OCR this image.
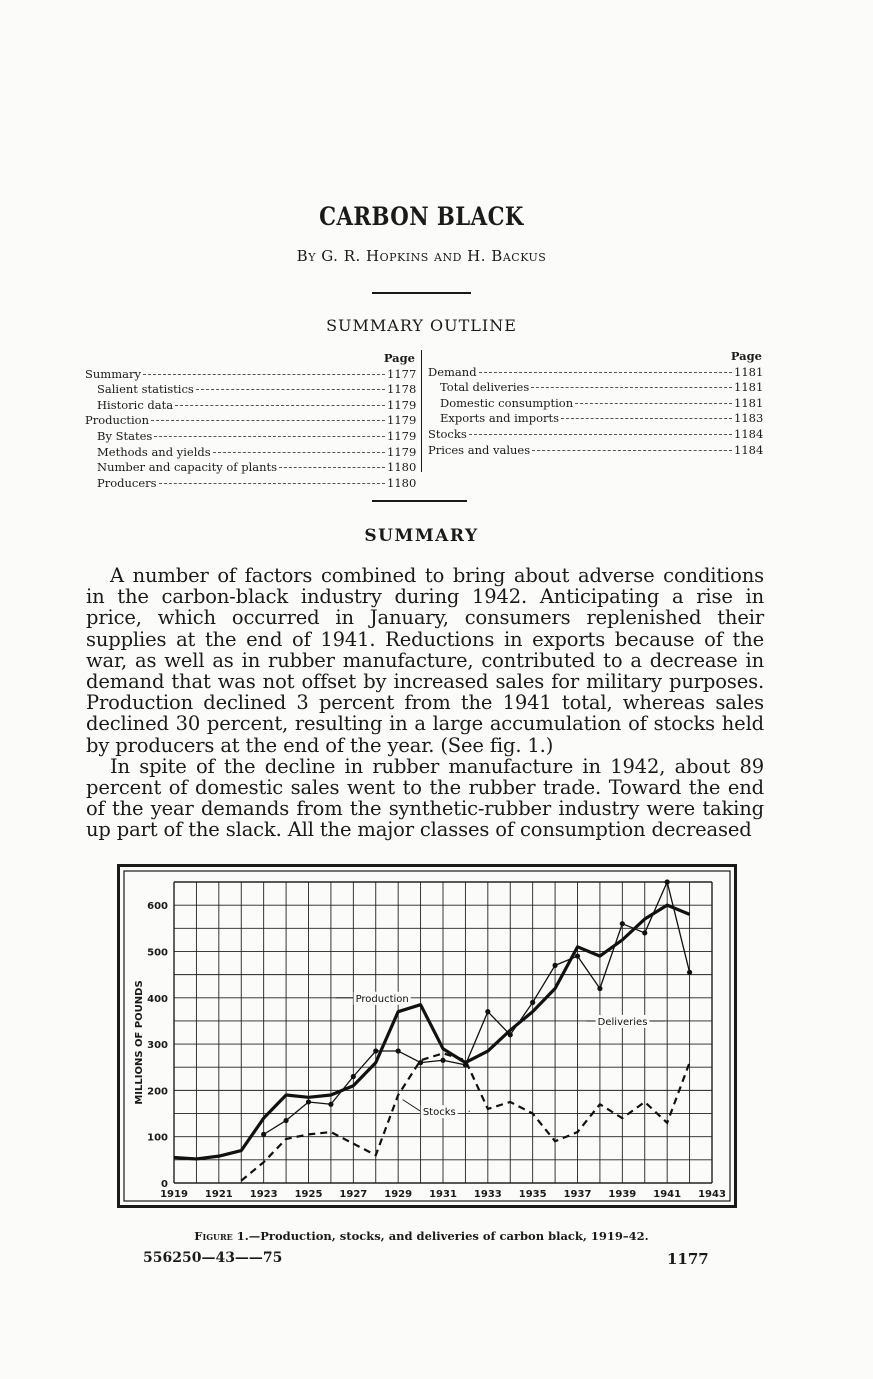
CARBON BLACK
By G. R. Hopkins and H. Backus
SUMMARY OUTLINE
Page
Summary	1177
Salient statistics	1178
Historic data	1179
Production	1179
By States	1179
Methods and yields	1179
Number and capacity of plants	1180
Producers	1180
Page
Demand	1181
Total deliveries	1181
Domestic consumption	1181
Exports and imports	1183
Stocks	1184
Prices and values	1184
SUMMARY

A number of factors combined to bring about adverse conditions in the carbon-black industry during 1942. Anticipating a rise in price, which occurred in January, consumers replenished their supplies at the end of 1941. Reductions in exports because of the war, as well as in rubber manufacture, contributed to a decrease in demand that was not offset by increased sales for military purposes. Production declined 3 percent from the 1941 total, whereas sales declined 30 percent, resulting in a large accumulation of stocks held by producers at the end of the year. (See fig. 1.)

In spite of the decline in rubber manufacture in 1942, about 89 percent of domestic sales went to the rubber trade. Toward the end of the year demands from the synthetic-rubber industry were taking up part of the slack. All the major classes of consumption decreased

0
100
200
300
400
500
600
1919 1921 1923 1925 1927 1929 1931 1933 1935 1937 1939 1941 1943
MILLIONS OF POUNDS	Production
Deliveries
Stocks
Figure 1.—Production, stocks, and deliveries of carbon black, 1919–42.
556250—43——75	1177
